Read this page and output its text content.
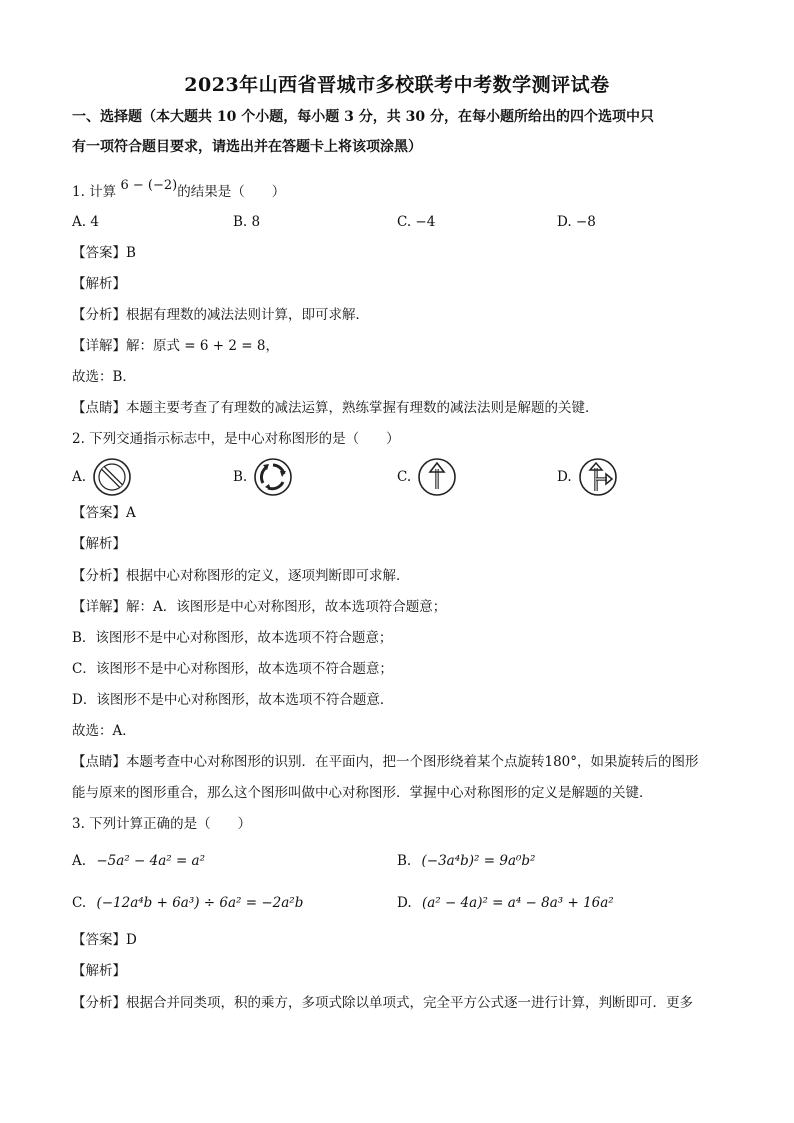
2023年山西省晋城市多校联考中考数学测评试卷
一、选择题（本大题共 10 个小题，每小题 3 分，共 30 分，在每小题所给出的四个选项中只
有一项符合题目要求，请选出并在答题卡上将该项涂黑）
1. 计算 6 − (−2)的结果是（　　）
A. 4	B. 8	C. −4	D. −8
【答案】B
【解析】
【分析】根据有理数的减法法则计算，即可求解．
【详解】解：原式 = 6 + 2 = 8，
故选：B．
【点睛】本题主要考查了有理数的减法运算，熟练掌握有理数的减法法则是解题的关键．
2. 下列交通指示标志中，是中心对称图形的是（　　）
A.	B.	C.	D.
【答案】A
【解析】
【分析】根据中心对称图形的定义，逐项判断即可求解．
【详解】解：A．该图形是中心对称图形，故本选项符合题意；
B．该图形不是中心对称图形，故本选项不符合题意；
C．该图形不是中心对称图形，故本选项不符合题意；
D．该图形不是中心对称图形，故本选项不符合题意．
故选：A．
【点睛】本题考查中心对称图形的识别．在平面内，把一个图形绕着某个点旋转180°，如果旋转后的图形
能与原来的图形重合，那么这个图形叫做中心对称图形．掌握中心对称图形的定义是解题的关键．
3. 下列计算正确的是（　　）
A. −5a² − 4a² = a²	B. (−3a⁴b)² = 9a⁰b²
C. (−12a⁴b + 6a³) ÷ 6a² = −2a²b	D. (a² − 4a)² = a⁴ − 8a³ + 16a²
【答案】D
【解析】
【分析】根据合并同类项，积的乘方，多项式除以单项式，完全平方公式逐一进行计算，判断即可．更多
